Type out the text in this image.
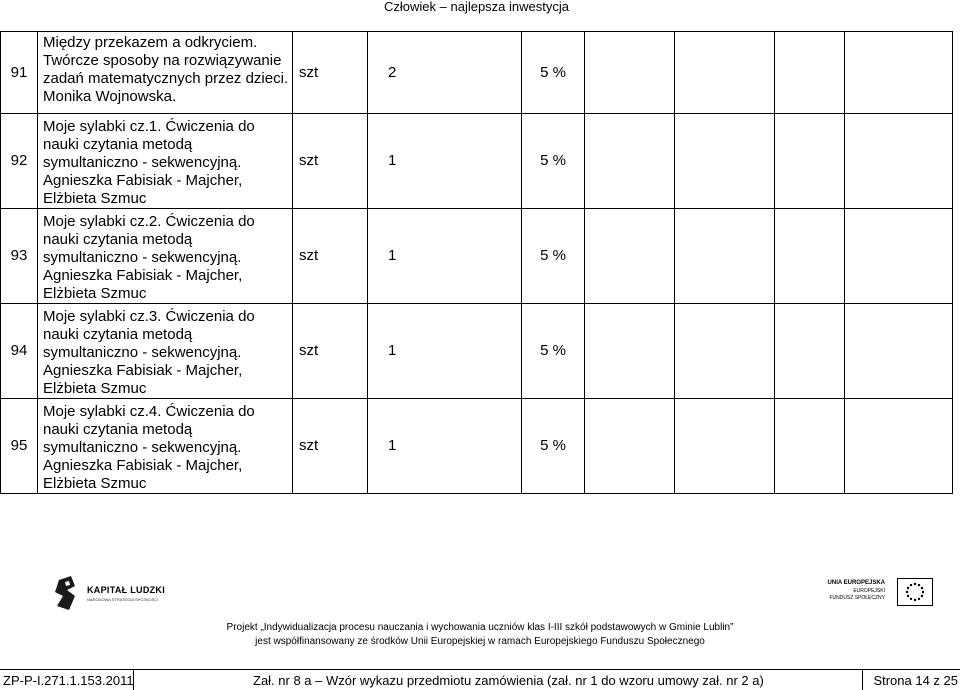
Człowiek – najlepsza inwestycja
91	Między przekazem a odkryciem.
Twórcze sposoby na rozwiązywanie
zadań matematycznych przez dzieci.
Monika Wojnowska.	szt	2	5 %				
92	Moje sylabki cz.1. Ćwiczenia do
nauki czytania metodą
symultaniczno - sekwencyjną.
Agnieszka Fabisiak - Majcher,
Elżbieta Szmuc	szt	1	5 %				
93	Moje sylabki cz.2. Ćwiczenia do
nauki czytania metodą
symultaniczno - sekwencyjną.
Agnieszka Fabisiak - Majcher,
Elżbieta Szmuc	szt	1	5 %				
94	Moje sylabki cz.3. Ćwiczenia do
nauki czytania metodą
symultaniczno - sekwencyjną.
Agnieszka Fabisiak - Majcher,
Elżbieta Szmuc	szt	1	5 %				
95	Moje sylabki cz.4. Ćwiczenia do
nauki czytania metodą
symultaniczno - sekwencyjną.
Agnieszka Fabisiak - Majcher,
Elżbieta Szmuc	szt	1	5 %				
KAPITAŁ LUDZKI
NARODOWA STRATEGIA SPÓJNOŚCI
UNIA EUROPEJSKA
EUROPEJSKI
FUNDUSZ SPOŁECZNY
Projekt „Indywidualizacja procesu nauczania i wychowania uczniów klas I-III szkół podstawowych w Gminie Lublin”
jest współfinansowany ze środków Unii Europejskiej w ramach Europejskiego Funduszu Społecznego
ZP-P-I.271.1.153.2011	Zał. nr 8 a – Wzór wykazu przedmiotu zamówienia (zał. nr 1 do wzoru umowy zał. nr 2 a)	Strona 14 z 25
